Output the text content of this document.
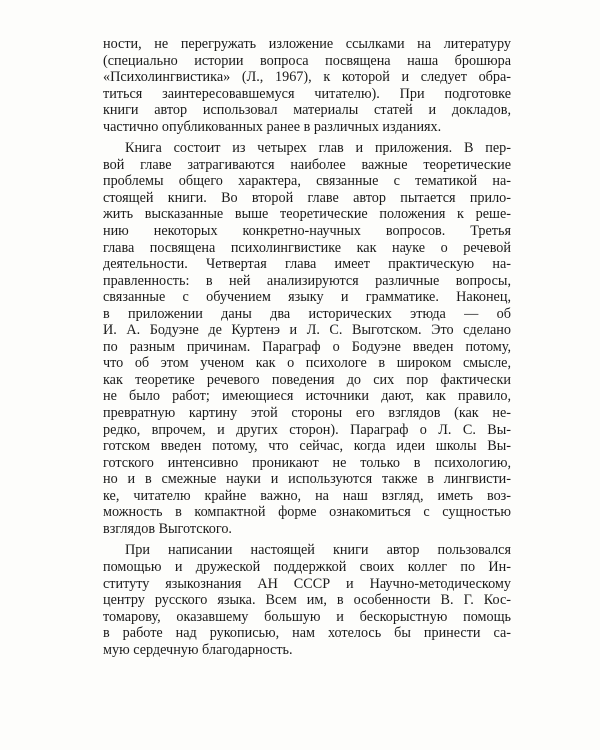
ности, не перегружать изложение ссылками на литературу
(специально истории вопроса посвящена наша брошюра
«Психолингвистика» (Л., 1967), к которой и следует обра-
титься заинтересовавшемуся читателю). При подготовке
книги автор использовал материалы статей и докладов,
частично опубликованных ранее в различных изданиях.
Книга состоит из четырех глав и приложения. В пер-
вой главе затрагиваются наиболее важные теоретические
проблемы общего характера, связанные с тематикой на-
стоящей книги. Во второй главе автор пытается прило-
жить высказанные выше теоретические положения к реше-
нию некоторых конкретно-научных вопросов. Третья
глава посвящена психолингвистике как науке о речевой
деятельности. Четвертая глава имеет практическую на-
правленность: в ней анализируются различные вопросы,
связанные с обучением языку и грамматике. Наконец,
в приложении даны два исторических этюда — об
И. А. Бодуэне де Куртенэ и Л. С. Выготском. Это сделано
по разным причинам. Параграф о Бодуэне введен потому,
что об этом ученом как о психологе в широком смысле,
как теоретике речевого поведения до сих пор фактически
не было работ; имеющиеся источники дают, как правило,
превратную картину этой стороны его взглядов (как не-
редко, впрочем, и других сторон). Параграф о Л. С. Вы-
готском введен потому, что сейчас, когда идеи школы Вы-
готского интенсивно проникают не только в психологию,
но и в смежные науки и используются также в лингвисти-
ке, читателю крайне важно, на наш взгляд, иметь воз-
можность в компактной форме ознакомиться с сущностью
взглядов Выготского.
При написании настоящей книги автор пользовался
помощью и дружеской поддержкой своих коллег по Ин-
ституту языкознания АН СССР и Научно-методическому
центру русского языка. Всем им, в особенности В. Г. Кос-
томарову, оказавшему большую и бескорыстную помощь
в работе над рукописью, нам хотелось бы принести са-
мую сердечную благодарность.
